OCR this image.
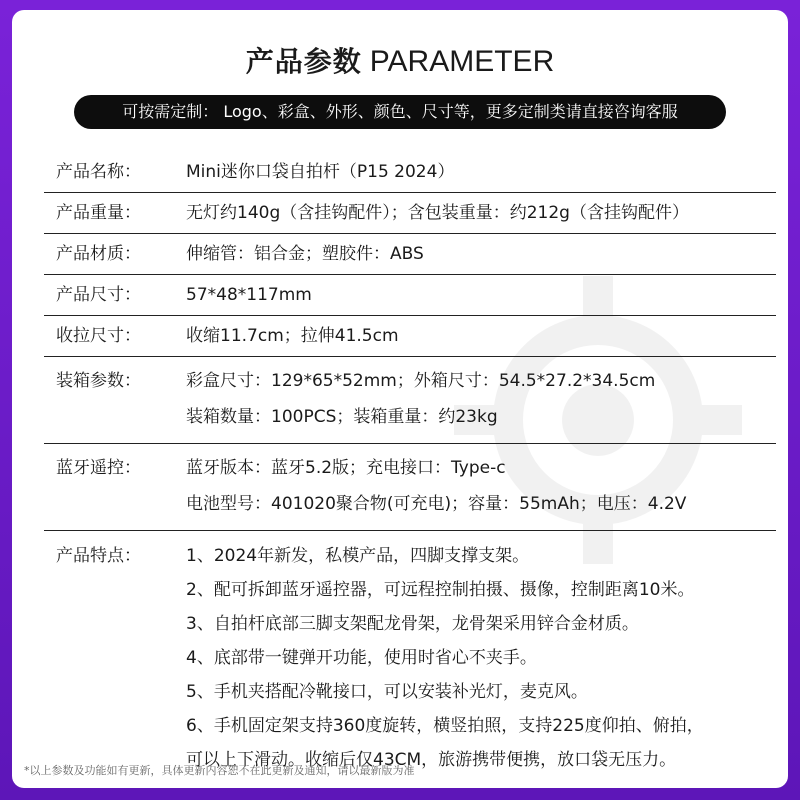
产品参数 PARAMETER
可按需定制： Logo、彩盒、外形、颜色、尺寸等，更多定制类请直接咨询客服
产品名称：	Mini迷你口袋自拍杆（P15 2024）
产品重量：	无灯约140g（含挂钩配件）；含包装重量：约212g（含挂钩配件）
产品材质：	伸缩管：铝合金；塑胶件：ABS
产品尺寸：	57*48*117mm
收拉尺寸：	收缩11.7cm；拉伸41.5cm
装箱参数：	彩盒尺寸：129*65*52mm；外箱尺寸：54.5*27.2*34.5cm
装箱数量：100PCS；装箱重量：约23kg
蓝牙遥控：	蓝牙版本：蓝牙5.2版；充电接口：Type-c
电池型号：401020聚合物(可充电)；容量：55mAh；电压：4.2V
产品特点：	1、2024年新发，私模产品，四脚支撑支架。
2、配可拆卸蓝牙遥控器，可远程控制拍摄、摄像，控制距离10米。
3、自拍杆底部三脚支架配龙骨架，龙骨架采用锌合金材质。
4、底部带一键弹开功能，使用时省心不夹手。
5、手机夹搭配冷靴接口，可以安装补光灯，麦克风。
6、手机固定架支持360度旋转，横竖拍照，支持225度仰拍、俯拍，
可以上下滑动。收缩后仅43CM，旅游携带便携，放口袋无压力。
*以上参数及功能如有更新，具体更新内容恕不在此更新及通知，请以最新版为准
